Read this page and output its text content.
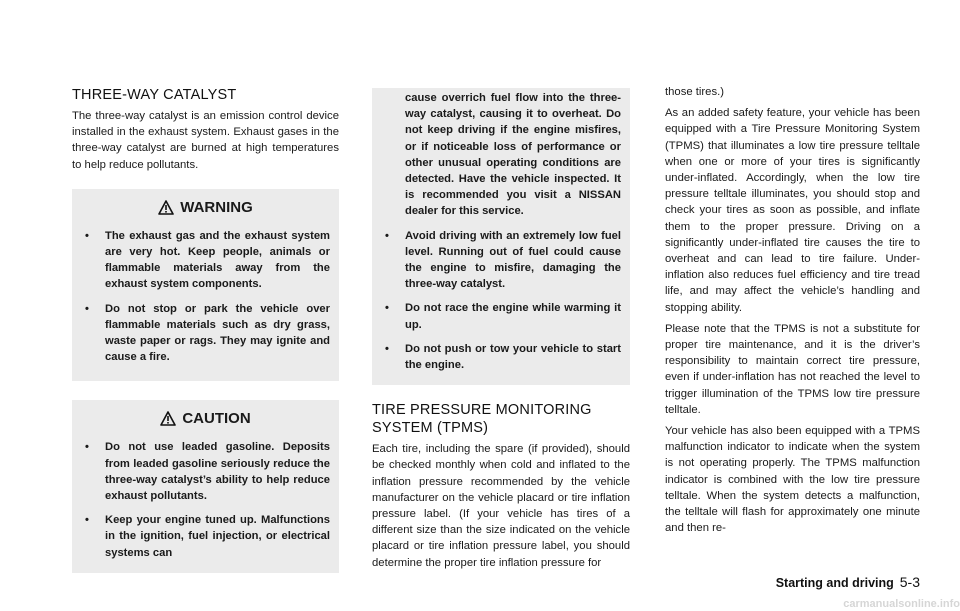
THREE-WAY CATALYST

The three-way catalyst is an emission control device installed in the exhaust system. Exhaust gases in the three-way catalyst are burned at high temperatures to help reduce pollutants.

WARNING
• The exhaust gas and the exhaust system are very hot. Keep people, animals or flammable materials away from the exhaust system components.
• Do not stop or park the vehicle over flammable materials such as dry grass, waste paper or rags. They may ignite and cause a fire.
CAUTION
• Do not use leaded gasoline. Deposits from leaded gasoline seriously reduce the three-way catalyst’s ability to help reduce exhaust pollutants.
• Keep your engine tuned up. Malfunctions in the ignition, fuel injection, or electrical systems can

cause overrich fuel flow into the three-way catalyst, causing it to overheat. Do not keep driving if the engine misfires, or if noticeable loss of performance or other unusual operating conditions are detected. Have the vehicle inspected. It is recommended you visit a NISSAN dealer for this service.

• Avoid driving with an extremely low fuel level. Running out of fuel could cause the engine to misfire, damaging the three-way catalyst.
• Do not race the engine while warming it up.
• Do not push or tow your vehicle to start the engine.
TIRE PRESSURE MONITORING SYSTEM (TPMS)

Each tire, including the spare (if provided), should be checked monthly when cold and inflated to the inflation pressure recommended by the vehicle manufacturer on the vehicle placard or tire inflation pressure label. (If your vehicle has tires of a different size than the size indicated on the vehicle placard or tire inflation pressure label, you should determine the proper tire inflation pressure for

those tires.)

As an added safety feature, your vehicle has been equipped with a Tire Pressure Monitoring System (TPMS) that illuminates a low tire pressure telltale when one or more of your tires is significantly under-inflated. Accordingly, when the low tire pressure telltale illuminates, you should stop and check your tires as soon as possible, and inflate them to the proper pressure. Driving on a significantly under-inflated tire causes the tire to overheat and can lead to tire failure. Under-inflation also reduces fuel efficiency and tire tread life, and may affect the vehicle’s handling and stopping ability.

Please note that the TPMS is not a substitute for proper tire maintenance, and it is the driver’s responsibility to maintain correct tire pressure, even if under-inflation has not reached the level to trigger illumination of the TPMS low tire pressure telltale.

Your vehicle has also been equipped with a TPMS malfunction indicator to indicate when the system is not operating properly. The TPMS malfunction indicator is combined with the low tire pressure telltale. When the system detects a malfunction, the telltale will flash for approximately one minute and then re-

Starting and driving 5-3
carmanualsonline.info
